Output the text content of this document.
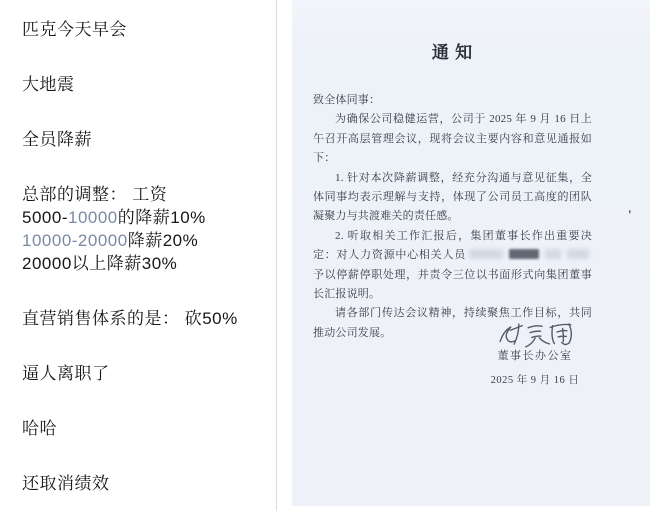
匹克今天早会
大地震
全员降薪
总部的调整： 工资
5000-10000的降薪10%
10000-20000降薪20%
20000以上降薪30%
直营销售体系的是： 砍50%
逼人离职了
哈哈
还取消绩效
通 知

致全体同事：

为确保公司稳健运营，公司于 2025 年 9 月 16 日上午召开高层管理会议，现将会议主要内容和意见通报如下：

1. 针对本次降薪调整，经充分沟通与意见征集，全体同事均表示理解与支持，体现了公司员工高度的团队凝聚力与共渡难关的责任感。

2. 听取相关工作汇报后，集团董事长作出重要决定：对人力资源中心相关人员予以停薪停职处理，并责令三位以书面形式向集团董事长汇报说明。

请各部门传达会议精神，持续聚焦工作目标，共同推动公司发展。

董事长办公室
2025 年 9 月 16 日
'
